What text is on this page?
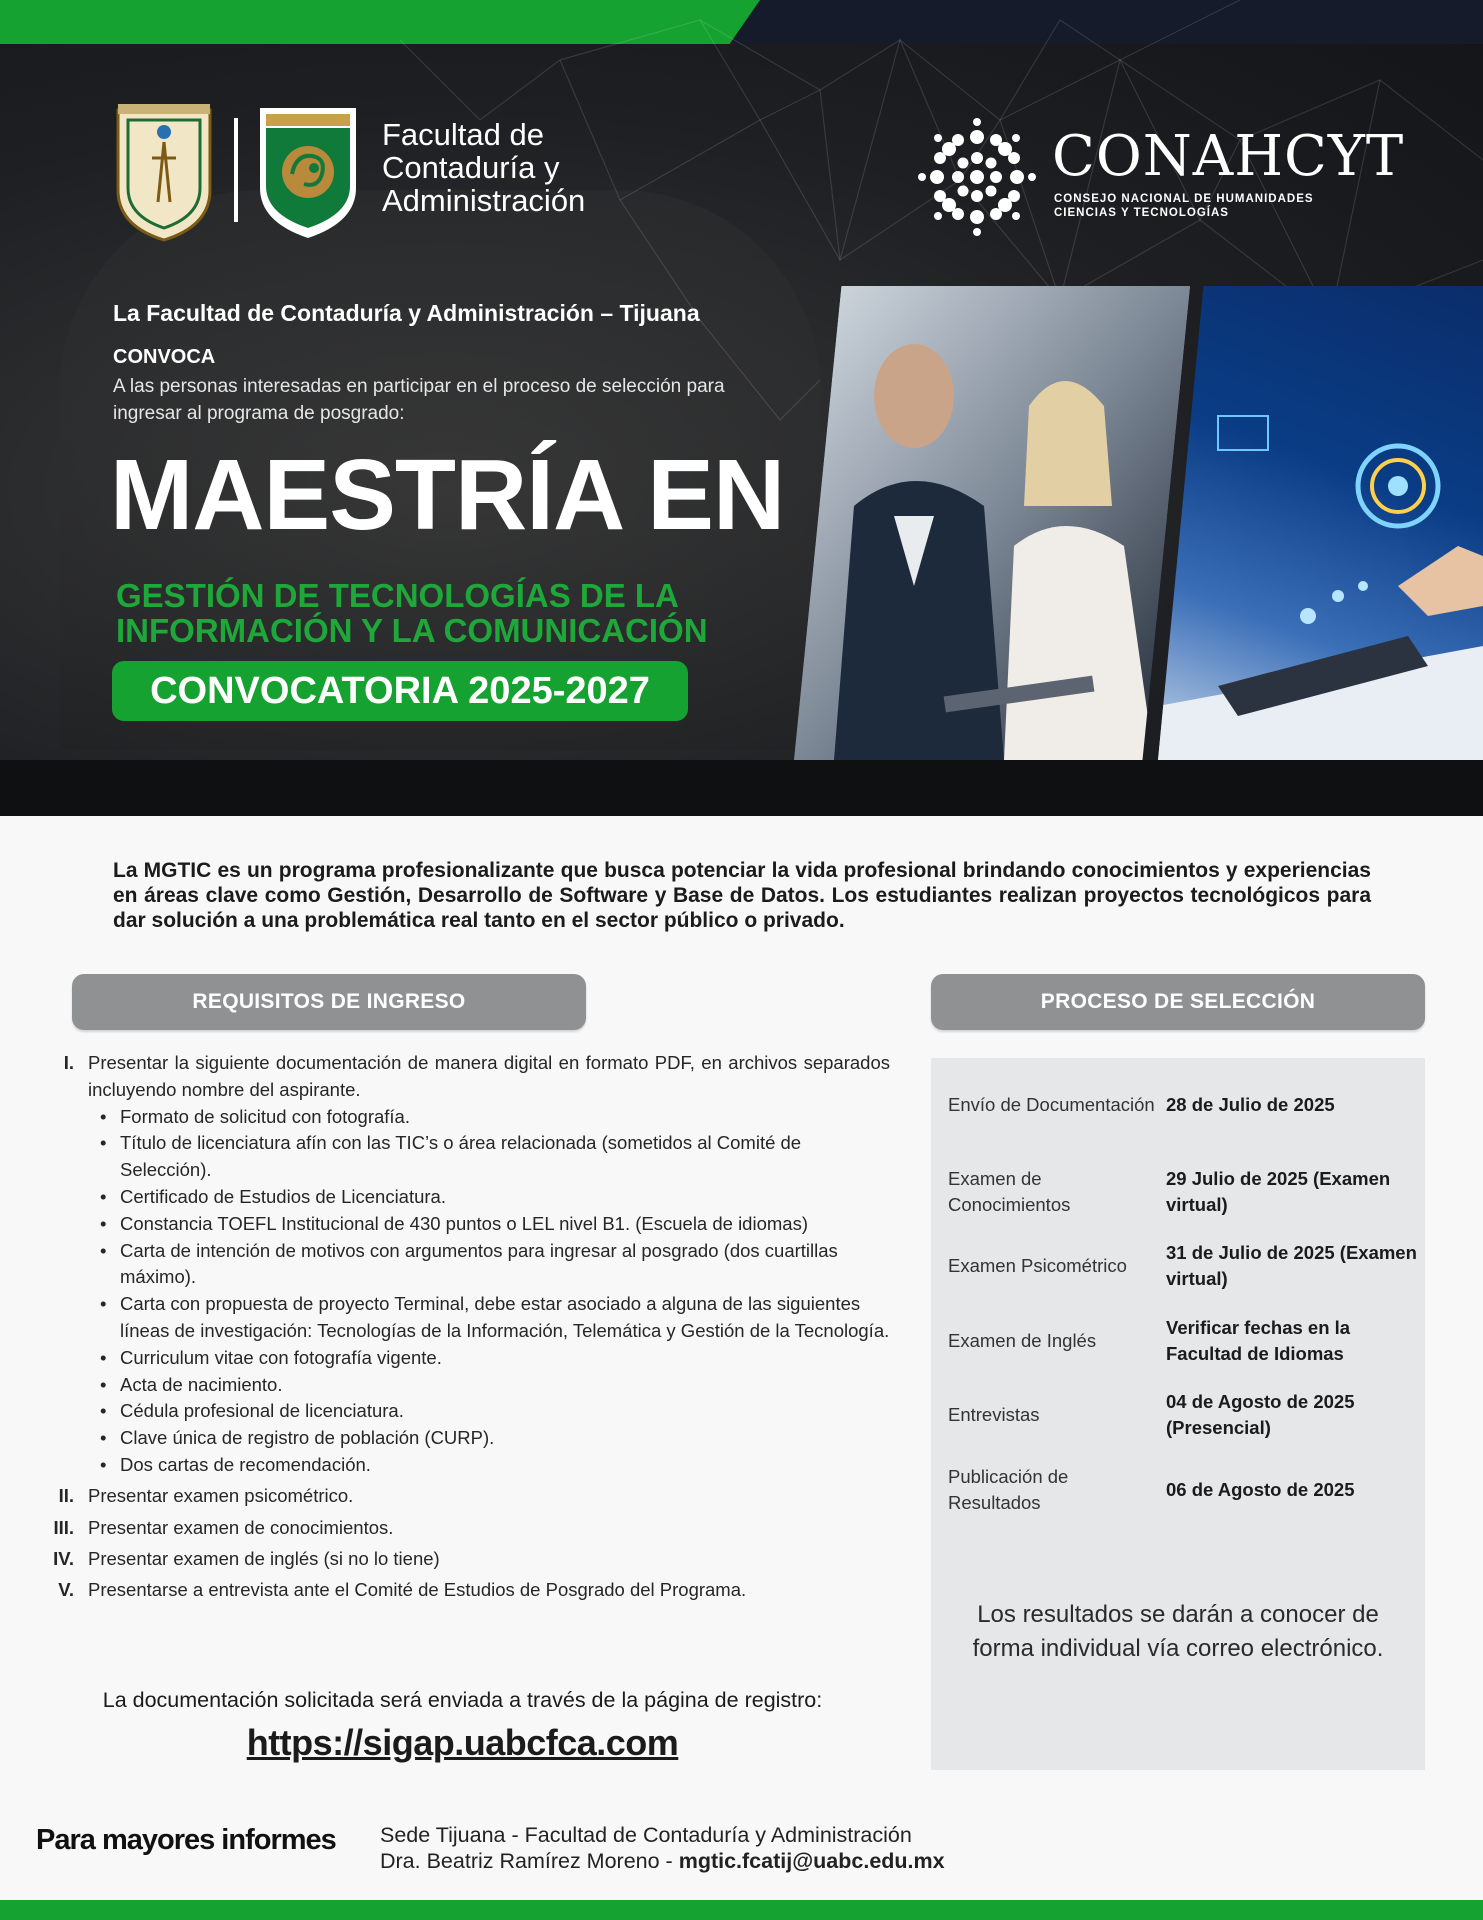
Facultad de
Contaduría y
Administración
CONAHCYT
CONSEJO NACIONAL DE HUMANIDADES
CIENCIAS Y TECNOLOGÍAS
La Facultad de Contaduría y Administración – Tijuana
CONVOCA
A las personas interesadas en participar en el proceso de selección para ingresar al programa de posgrado:
MAESTRÍA EN
GESTIÓN DE TECNOLOGÍAS DE LA
INFORMACIÓN Y LA COMUNICACIÓN
CONVOCATORIA 2025-2027

La MGTIC es un programa profesionalizante que busca potenciar la vida profesional brindando conocimientos y experiencias en áreas clave como Gestión, Desarrollo de Software y Base de Datos. Los estudiantes realizan proyectos tecnológicos para dar solución a una problemática real tanto en el sector público o privado.

REQUISITOS DE INGRESO	PROCESO DE SELECCIÓN
I. Presentar la siguiente documentación de manera digital en formato PDF, en archivos separados incluyendo nombre del aspirante.
• Formato de solicitud con fotografía.
• Título de licenciatura afín con las TIC’s o área relacionada (sometidos al Comité de Selección).
• Certificado de Estudios de Licenciatura.
• Constancia TOEFL Institucional de 430 puntos o LEL nivel B1. (Escuela de idiomas)
• Carta de intención de motivos con argumentos para ingresar al posgrado (dos cuartillas máximo).
• Carta con propuesta de proyecto Terminal, debe estar asociado a alguna de las siguientes líneas de investigación: Tecnologías de la Información, Telemática y Gestión de la Tecnología.
• Curriculum vitae con fotografía vigente.
• Acta de nacimiento.
• Cédula profesional de licenciatura.
• Clave única de registro de población (CURP).
• Dos cartas de recomendación.
II. Presentar examen psicométrico.
III. Presentar examen de conocimientos.
IV. Presentar examen de inglés (si no lo tiene)
V. Presentarse a entrevista ante el Comité de Estudios de Posgrado del Programa.
La documentación solicitada será enviada a través de la página de registro:
https://sigap.uabcfca.com
Envío de Documentación 28 de Julio de 2025
Examen de Conocimientos
29 Julio de 2025 (Examen virtual)
Examen Psicométrico
31 de Julio de 2025 (Examen virtual)
Examen de Inglés
Verificar fechas en la Facultad de Idiomas
Entrevistas
04 de Agosto de 2025 (Presencial)
Publicación de Resultados
06 de Agosto de 2025
Los resultados se darán a conocer de forma individual vía correo electrónico.
Para mayores informes Sede Tijuana - Facultad de Contaduría y Administración
Dra. Beatriz Ramírez Moreno - mgtic.fcatij@uabc.edu.mx
